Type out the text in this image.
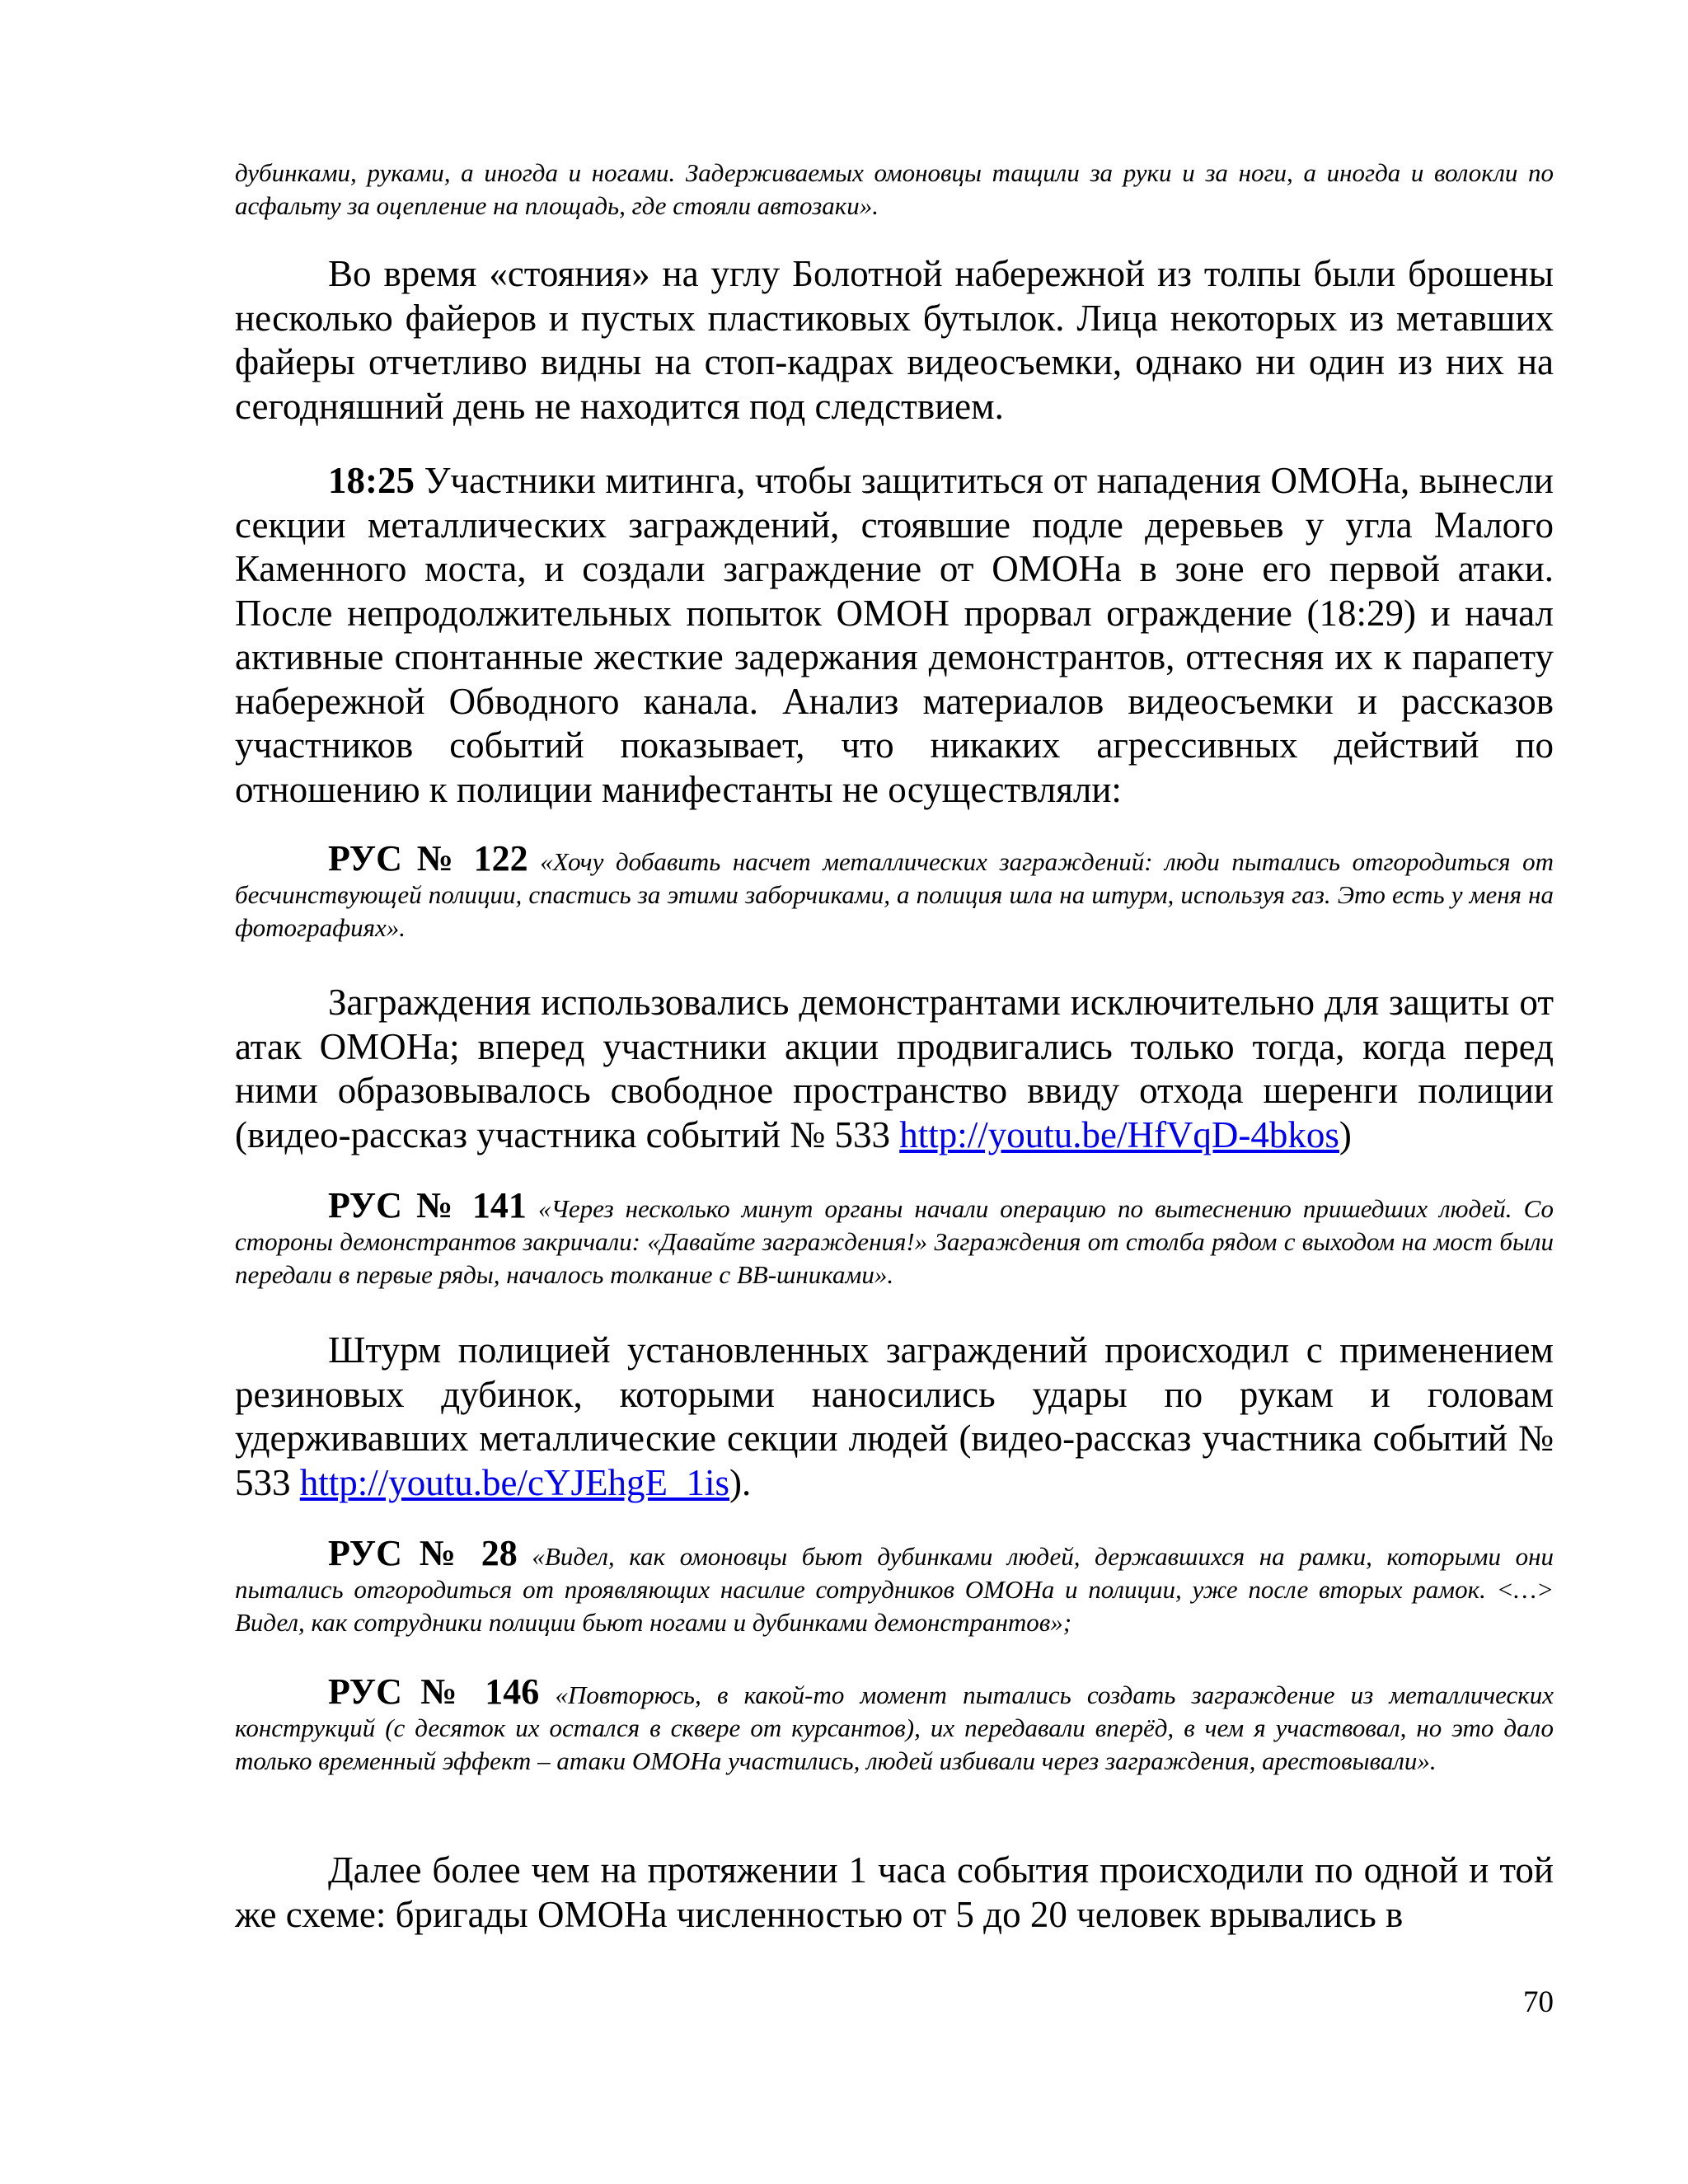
дубинками, руками, а иногда и ногами. Задерживаемых омоновцы тащили за руки и за ноги, а иногда и волокли по асфальту за оцепление на площадь, где стояли автозаки».

Во время «стояния» на углу Болотной набережной из толпы были брошены несколько файеров и пустых пластиковых бутылок. Лица некоторых из метавших файеры отчетливо видны на стоп-кадрах видеосъемки, однако ни один из них на сегодняшний день не находится под следствием.

18:25 Участники митинга, чтобы защититься от нападения ОМОНа, вынесли секции металлических заграждений, стоявшие подле деревьев у угла Малого Каменного моста, и создали заграждение от ОМОНа в зоне его первой атаки. После непродолжительных попыток ОМОН прорвал ограждение (18:29) и начал активные спонтанные жесткие задержания демонстрантов, оттесняя их к парапету набережной Обводного канала. Анализ материалов видеосъемки и рассказов участников событий показывает, что никаких агрессивных действий по отношению к полиции манифестанты не осуществляли:

РУС № 122 «Хочу добавить насчет металлических заграждений: люди пытались отгородиться от бесчинствующей полиции, спастись за этими заборчиками, а полиция шла на штурм, используя газ. Это есть у меня на фотографиях».

Заграждения использовались демонстрантами исключительно для защиты от атак ОМОНа; вперед участники акции продвигались только тогда, когда перед ними образовывалось свободное пространство ввиду отхода шеренги полиции (видео-рассказ участника событий № 533 http://youtu.be/HfVqD-4bkos)

РУС № 141 «Через несколько минут органы начали операцию по вытеснению пришедших людей. Со стороны демонстрантов закричали: «Давайте заграждения!» Заграждения от столба рядом с выходом на мост были передали в первые ряды, началось толкание с ВВ-шниками».

Штурм полицией установленных заграждений происходил с применением резиновых дубинок, которыми наносились удары по рукам и головам удерживавших металлические секции людей (видео-рассказ участника событий № 533 http://youtu.be/cYJEhgE_1is).

РУС № 28 «Видел, как омоновцы бьют дубинками людей, державшихся на рамки, которыми они пытались отгородиться от проявляющих насилие сотрудников ОМОНа и полиции, уже после вторых рамок. <…> Видел, как сотрудники полиции бьют ногами и дубинками демонстрантов»;

РУС № 146 «Повторюсь, в какой-то момент пытались создать заграждение из металлических конструкций (с десяток их остался в сквере от курсантов), их передавали вперёд, в чем я участвовал, но это дало только временный эффект – атаки ОМОНа участились, людей избивали через заграждения, арестовывали».

Далее более чем на протяжении 1 часа события происходили по одной и той же схеме: бригады ОМОНа численностью от 5 до 20 человек врывались в

70
